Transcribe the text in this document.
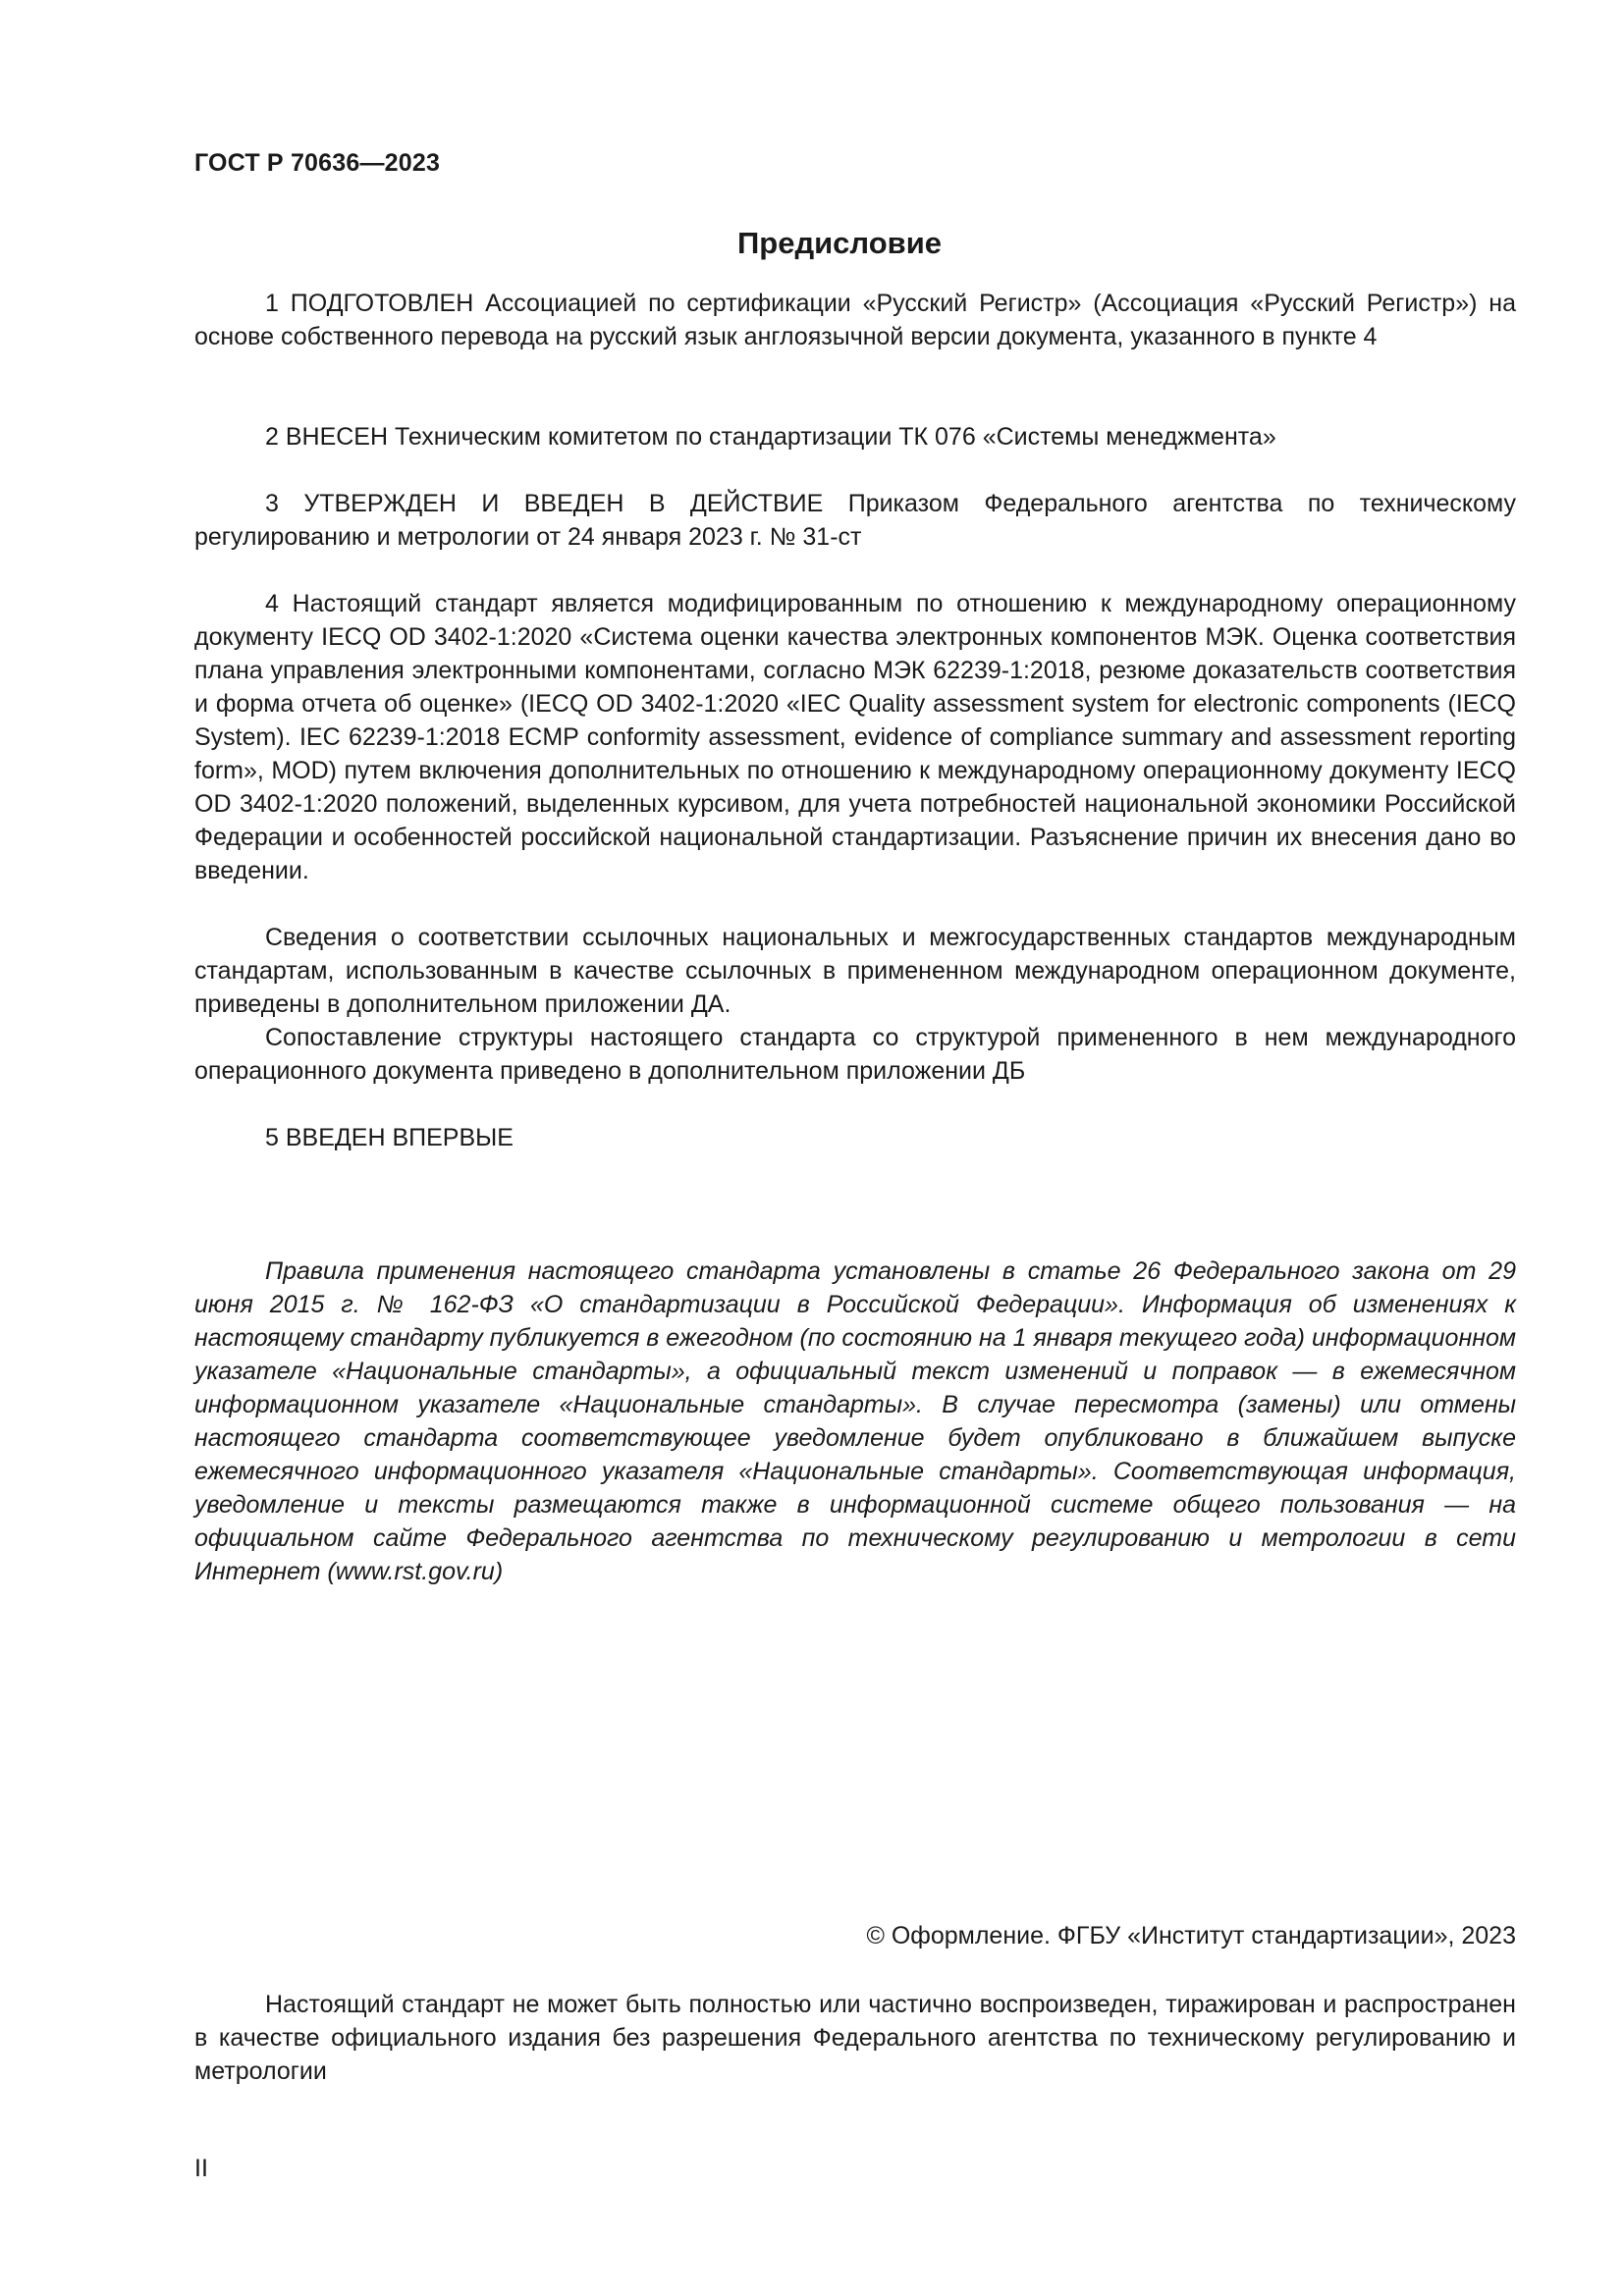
ГОСТ Р 70636—2023
Предисловие
1 ПОДГОТОВЛЕН Ассоциацией по сертификации «Русский Регистр» (Ассоциация «Русский Регистр») на основе собственного перевода на русский язык англоязычной версии документа, указанного в пункте 4
2 ВНЕСЕН Техническим комитетом по стандартизации ТК 076 «Системы менеджмента»
3 УТВЕРЖДЕН И ВВЕДЕН В ДЕЙСТВИЕ Приказом Федерального агентства по техническому регулированию и метрологии от 24 января 2023 г. № 31-ст
4 Настоящий стандарт является модифицированным по отношению к международному операционному документу IECQ OD 3402-1:2020 «Система оценки качества электронных компонентов МЭК. Оценка соответствия плана управления электронными компонентами, согласно МЭК 62239-1:2018, резюме доказательств соответствия и форма отчета об оценке» (IECQ OD 3402-1:2020 «IEC Quality assessment system for electronic components (IECQ System). IEC 62239-1:2018 ECMP conformity assessment, evidence of compliance summary and assessment reporting form», MOD) путем включения дополнительных по отношению к международному операционному документу IECQ OD 3402-1:2020 положений, выделенных курсивом, для учета потребностей национальной экономики Российской Федерации и особенностей российской национальной стандартизации. Разъяснение причин их внесения дано во введении.
Сведения о соответствии ссылочных национальных и межгосударственных стандартов международным стандартам, использованным в качестве ссылочных в примененном международном операционном документе, приведены в дополнительном приложении ДА.
Сопоставление структуры настоящего стандарта со структурой примененного в нем международного операционного документа приведено в дополнительном приложении ДБ
5 ВВЕДЕН ВПЕРВЫЕ
Правила применения настоящего стандарта установлены в статье 26 Федерального закона от 29 июня 2015 г. № 162-ФЗ «О стандартизации в Российской Федерации». Информация об изменениях к настоящему стандарту публикуется в ежегодном (по состоянию на 1 января текущего года) информационном указателе «Национальные стандарты», а официальный текст изменений и поправок — в ежемесячном информационном указателе «Национальные стандарты». В случае пересмотра (замены) или отмены настоящего стандарта соответствующее уведомление будет опубликовано в ближайшем выпуске ежемесячного информационного указателя «Национальные стандарты». Соответствующая информация, уведомление и тексты размещаются также в информационной системе общего пользования — на официальном сайте Федерального агентства по техническому регулированию и метрологии в сети Интернет (www.rst.gov.ru)
© Оформление. ФГБУ «Институт стандартизации», 2023
Настоящий стандарт не может быть полностью или частично воспроизведен, тиражирован и распространен в качестве официального издания без разрешения Федерального агентства по техническому регулированию и метрологии
II
